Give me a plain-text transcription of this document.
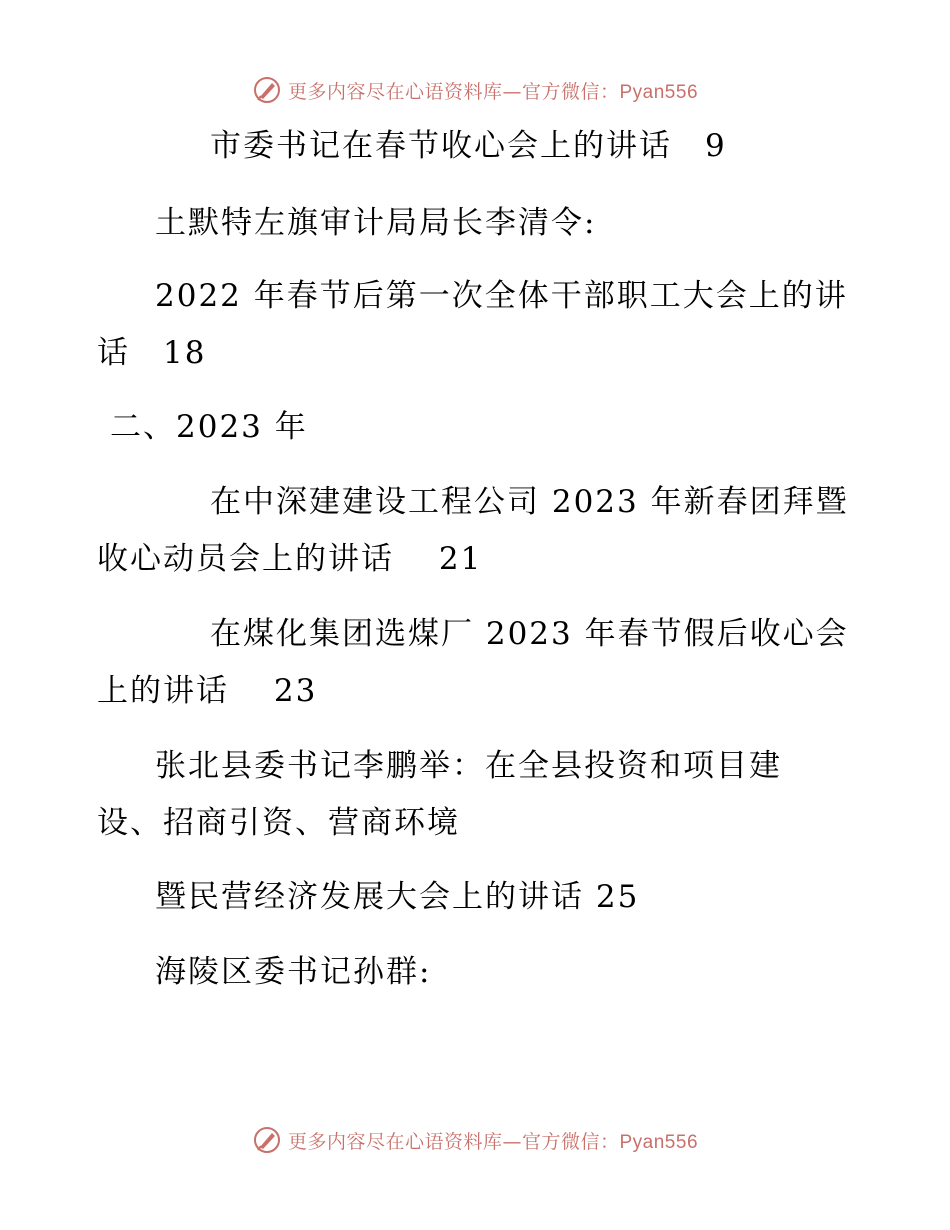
更多内容尽在心语资料库—官方微信：Pyan556
市委书记在春节收心会上的讲话　9
土默特左旗审计局局长李清令:
2022 年春节后第一次全体干部职工大会上的讲
话　18
二、2023 年
在中深建建设工程公司 2023 年新春团拜暨
收心动员会上的讲话　 21
在煤化集团选煤厂 2023 年春节假后收心会
上的讲话　 23
张北县委书记李鹏举：在全县投资和项目建
设、招商引资、营商环境
暨民营经济发展大会上的讲话 25
海陵区委书记孙群:
更多内容尽在心语资料库—官方微信：Pyan556
